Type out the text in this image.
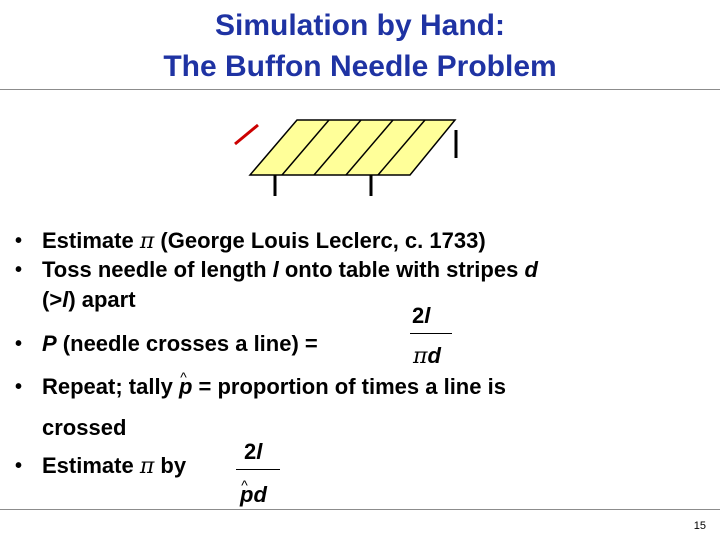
Simulation by Hand:
The Buffon Needle Problem
• Estimate π (George Louis Leclerc, c. 1733)
• Toss needle of length l onto table with stripes d
(>l) apart
2l
πd
• P (needle crosses a line) =
• Repeat; tally ^ p = proportion of times a line is
crossed
• Estimate π by
2l
^ pd
15
